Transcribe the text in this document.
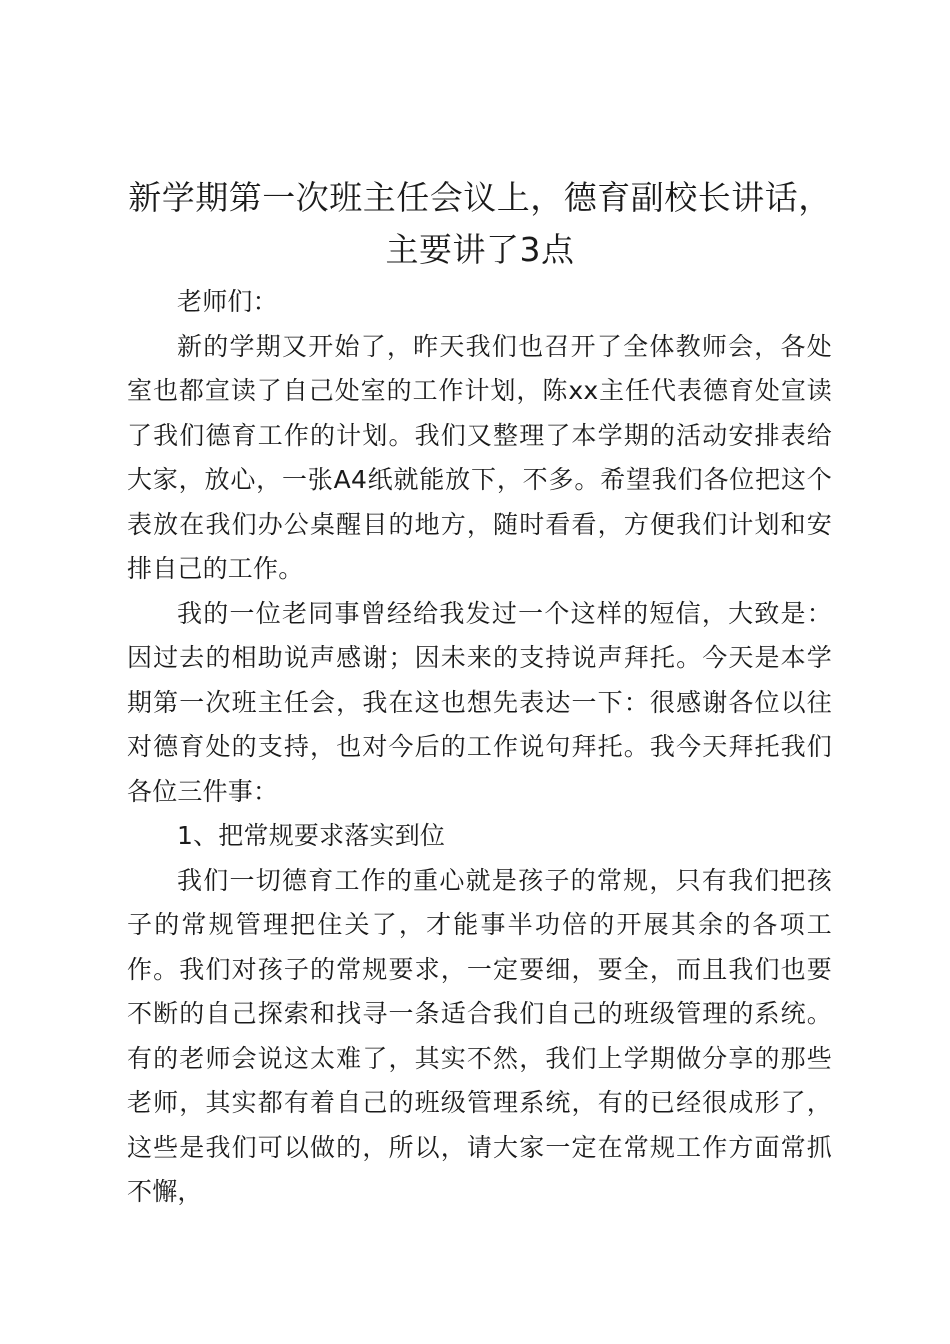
新学期第一次班主任会议上，德育副校长讲话，主要讲了3点

老师们：

新的学期又开始了，昨天我们也召开了全体教师会，各处室也都宣读了自己处室的工作计划，陈xx主任代表德育处宣读了我们德育工作的计划。我们又整理了本学期的活动安排表给大家，放心，一张A4纸就能放下，不多。希望我们各位把这个表放在我们办公桌醒目的地方，随时看看，方便我们计划和安排自己的工作。

我的一位老同事曾经给我发过一个这样的短信，大致是：因过去的相助说声感谢；因未来的支持说声拜托。今天是本学期第一次班主任会，我在这也想先表达一下：很感谢各位以往对德育处的支持，也对今后的工作说句拜托。我今天拜托我们各位三件事：

1、把常规要求落实到位

我们一切德育工作的重心就是孩子的常规，只有我们把孩子的常规管理把住关了，才能事半功倍的开展其余的各项工作。我们对孩子的常规要求，一定要细，要全，而且我们也要不断的自己探索和找寻一条适合我们自己的班级管理的系统。有的老师会说这太难了，其实不然，我们上学期做分享的那些老师，其实都有着自己的班级管理系统，有的已经很成形了，这些是我们可以做的，所以，请大家一定在常规工作方面常抓不懈，
